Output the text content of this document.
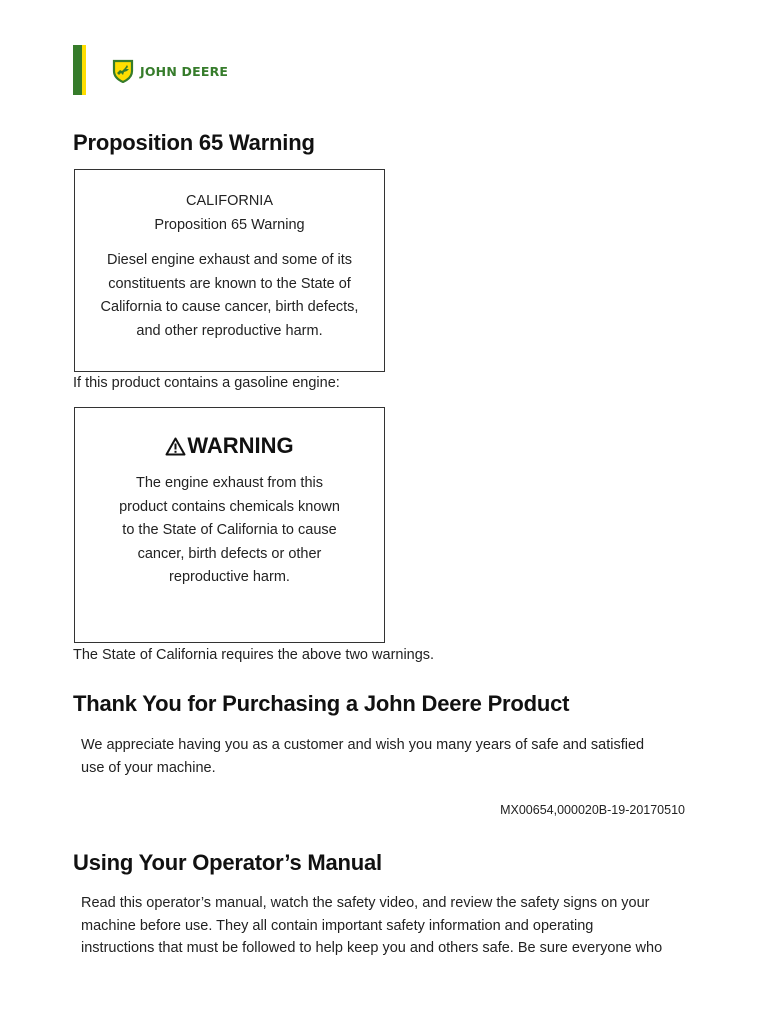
JOHN DEERE
Proposition 65 Warning
CALIFORNIA
Proposition 65 Warning
Diesel engine exhaust and some of its
constituents are known to the State of
California to cause cancer, birth defects,
and other reproductive harm.
If this product contains a gasoline engine:
WARNING
The engine exhaust from this
product contains chemicals known
to the State of California to cause
cancer, birth defects or other
reproductive harm.
The State of California requires the above two warnings.
Thank You for Purchasing a John Deere Product
We appreciate having you as a customer and wish you many years of safe and satisfied
use of your machine.
MX00654,000020B-19-20170510
Using Your Operator’s Manual
Read this operator’s manual, watch the safety video, and review the safety signs on your
machine before use. They all contain important safety information and operating
instructions that must be followed to help keep you and others safe. Be sure everyone who
